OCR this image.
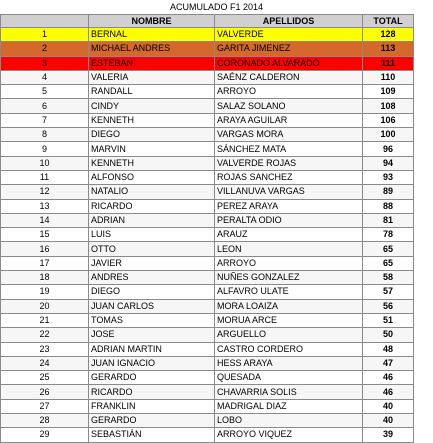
ACUMULADO F1 2014
	NOMBRE	APELLIDOS	TOTAL
1	BERNAL	VALVERDE	128
2	MICHAEL ANDRES	GARITA JIMENEZ	113
3	ESTEBAN	CORONADO ALVARADO	111
4	VALERIA	SAÉNZ CALDERON	110
5	RANDALL	ARROYO	109
6	CINDY	SALAZ SOLANO	108
7	KENNETH	ARAYA AGUILAR	106
8	DIEGO	VARGAS MORA	100
9	MARVIN	SÁNCHEZ MATA	96
10	KENNETH	VALVERDE ROJAS	94
11	ALFONSO	ROJAS SANCHEZ	93
12	NATALIO	VILLANUVA VARGAS	89
13	RICARDO	PEREZ ARAYA	88
14	ADRIAN	PERALTA ODIO	81
15	LUIS	ARAUZ	78
16	OTTO	LEON	65
17	JAVIER	ARROYO	65
18	ANDRES	NUÑES GONZALEZ	58
19	DIEGO	ALFAVRO ULATE	57
20	JUAN CARLOS	MORA LOAIZA	56
21	TOMAS	MORUA ARCE	51
22	JOSE	ARGUELLO	50
23	ADRIAN MARTIN	CASTRO CORDERO	48
24	JUAN IGNACIO	HESS ARAYA	47
25	GERARDO	QUESADA	46
26	RICARDO	CHAVARRIA SOLIS	46
27	FRANKLIN	MADRIGAL DIAZ	40
28	GERARDO	LOBO	40
29	SEBASTIÁN	ARROYO VIQUEZ	39
